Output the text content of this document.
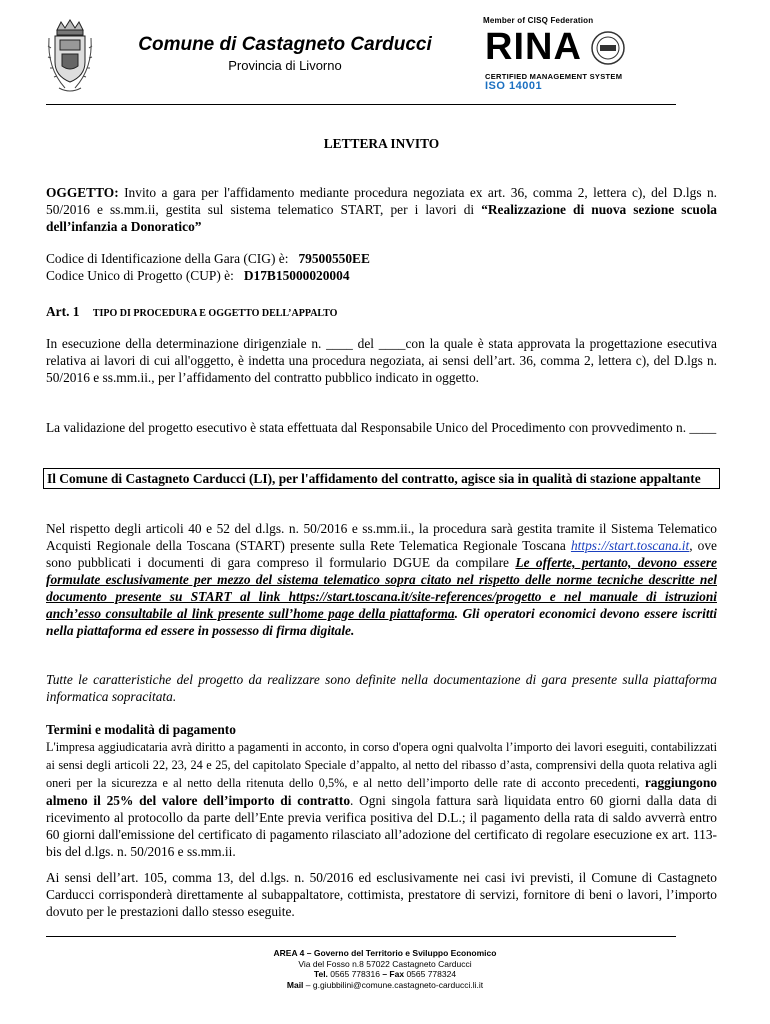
Comune di Castagneto Carducci
Provincia di Livorno
Member of CISQ Federation
RINA
CERTIFIED MANAGEMENT SYSTEM
ISO 14001
LETTERA INVITO
OGGETTO: Invito a gara per l'affidamento mediante procedura negoziata ex art. 36, comma 2, lettera c), del D.lgs n. 50/2016 e ss.mm.ii, gestita sul sistema telematico START, per i lavori di “Realizzazione di nuova sezione scuola dell’infanzia a Donoratico”
Codice di Identificazione della Gara (CIG) è: 79500550EE
Codice Unico di Progetto (CUP) è: D17B15000020004
Art. 1 TIPO DI PROCEDURA E OGGETTO DELL’APPALTO
In esecuzione della determinazione dirigenziale n. ____ del ____con la quale è stata approvata la progettazione esecutiva relativa ai lavori di cui all'oggetto, è indetta una procedura negoziata, ai sensi dell’art. 36, comma 2, lettera c), del D.lgs n. 50/2016 e ss.mm.ii., per l’affidamento del contratto pubblico indicato in oggetto.
La validazione del progetto esecutivo è stata effettuata dal Responsabile Unico del Procedimento con provvedimento n. ____
Il Comune di Castagneto Carducci (LI), per l'affidamento del contratto, agisce sia in qualità di stazione appaltante
Nel rispetto degli articoli 40 e 52 del d.lgs. n. 50/2016 e ss.mm.ii., la procedura sarà gestita tramite il Sistema Telematico Acquisti Regionale della Toscana (START) presente sulla Rete Telematica Regionale Toscana https://start.toscana.it, ove sono pubblicati i documenti di gara compreso il formulario DGUE da compilare Le offerte, pertanto, devono essere formulate esclusivamente per mezzo del sistema telematico sopra citato nel rispetto delle norme tecniche descritte nel documento presente su START al link https://start.toscana.it/site-references/progetto e nel manuale di istruzioni anch’esso consultabile al link presente sull’home page della piattaforma. Gli operatori economici devono essere iscritti nella piattaforma ed essere in possesso di firma digitale.
Tutte le caratteristiche del progetto da realizzare sono definite nella documentazione di gara presente sulla piattaforma informatica sopracitata.
Termini e modalità di pagamento
L'impresa aggiudicataria avrà diritto a pagamenti in acconto, in corso d'opera ogni qualvolta l’importo dei lavori eseguiti, contabilizzati ai sensi degli articoli 22, 23, 24 e 25, del capitolato Speciale d’appalto, al netto del ribasso d’asta, comprensivi della quota relativa agli oneri per la sicurezza e al netto della ritenuta dello 0,5%, e al netto dell’importo delle rate di acconto precedenti, raggiungono almeno il 25% del valore dell’importo di contratto. Ogni singola fattura sarà liquidata entro 60 giorni dalla data di ricevimento al protocollo da parte dell’Ente previa verifica positiva del D.L.; il pagamento della rata di saldo avverrà entro 60 giorni dall'emissione del certificato di pagamento rilasciato all’adozione del certificato di regolare esecuzione ex art. 113-bis del d.lgs. n. 50/2016 e ss.mm.ii.
Ai sensi dell’art. 105, comma 13, del d.lgs. n. 50/2016 ed esclusivamente nei casi ivi previsti, il Comune di Castagneto Carducci corrisponderà direttamente al subappaltatore, cottimista, prestatore di servizi, fornitore di beni o lavori, l’importo dovuto per le prestazioni dallo stesso eseguite.
AREA 4 – Governo del Territorio e Sviluppo Economico
Via del Fosso n.8 57022 Castagneto Carducci
Tel. 0565 778316 – Fax 0565 778324
Mail – g.giubbilini@comune.castagneto-carducci.li.it
